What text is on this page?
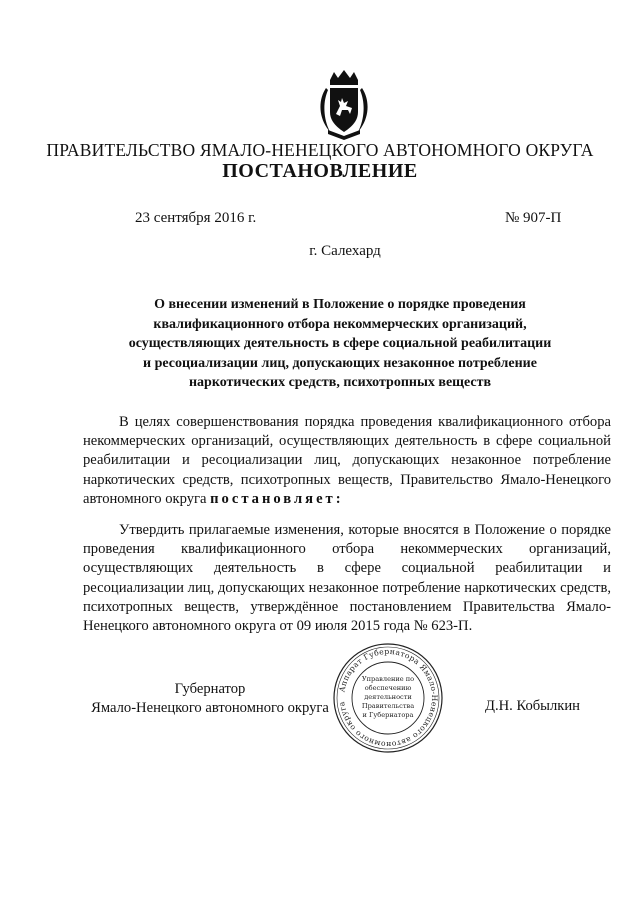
ПРАВИТЕЛЬСТВО ЯМАЛО-НЕНЕЦКОГО АВТОНОМНОГО ОКРУГА
ПОСТАНОВЛЕНИЕ
23 сентября 2016 г.	№ 907-П
г. Салехард
О внесении изменений в Положение о порядке проведения
квалификационного отбора некоммерческих организаций,
осуществляющих деятельность в сфере социальной реабилитации
и ресоциализации лиц, допускающих незаконное потребление
наркотических средств, психотропных веществ
В целях совершенствования порядка проведения квалификационного отбора некоммерческих организаций, осуществляющих деятельность в сфере социальной реабилитации и ресоциализации лиц, допускающих незаконное потребление наркотических средств, психотропных веществ, Правительство Ямало-Ненецкого автономного округа постановляет:
Утвердить прилагаемые изменения, которые вносятся в Положение о порядке проведения квалификационного отбора некоммерческих организаций, осуществляющих деятельность в сфере социальной реабилитации и ресоциализации лиц, допускающих незаконное потребление наркотических средств, психотропных веществ, утверждённое постановлением Правительства Ямало-Ненецкого автономного округа от 09 июля 2015 года № 623-П.
Губернатор
Ямало-Ненецкого автономного округа	Д.Н. Кобылкин
Аппарат Губернатора Ямало-Ненецкого автономного округа
Управление по
обеспечению
деятельности
Правительства
и Губернатора
